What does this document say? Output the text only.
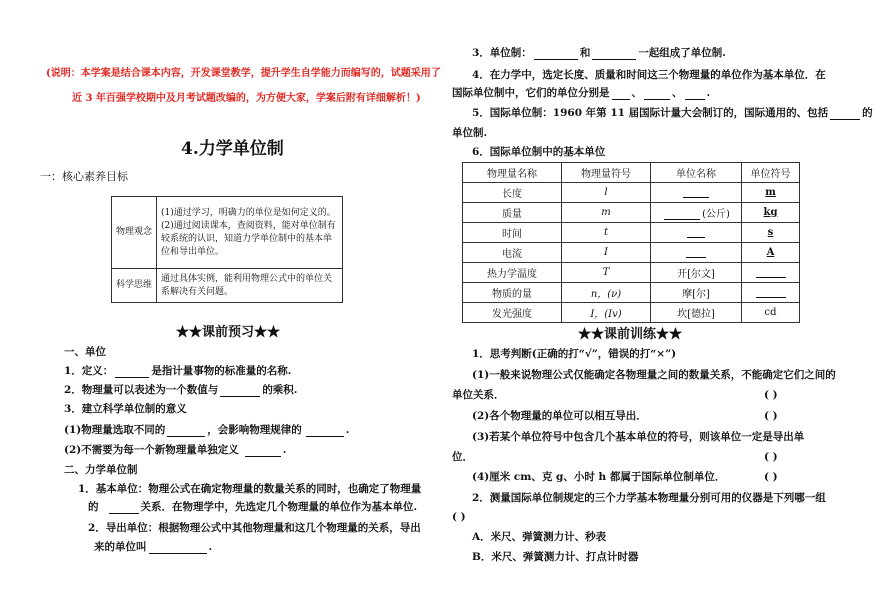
(说明：本学案是结合课本内容，开发课堂教学，提升学生自学能力而编写的，试题采用了
近 3 年百强学校期中及月考试题改编的，为方便大家，学案后附有详细解析！)
4.力学单位制
一：核心素养目标
物理观念	(1)通过学习，明确力的单位是如何定义的。(2)通过阅读课本，查阅资料，能对单位制有较系统的认识，知道力学单位制中的基本单位和导出单位。
科学思维	通过具体实例，能利用物理公式中的单位关系解决有关问题。
★★课前预习★★
一、单位
1．定义：	是指计量事物的标准量的名称.
2．物理量可以表述为一个数值与	的乘积.
3．建立科学单位制的意义
(1)物理量选取不同的	，会影响物理规律的	.
(2)不需要为每一个新物理量单独定义	.
二、力学单位制
1．基本单位：物理公式在确定物理量的数量关系的同时，也确定了物理量
的	关系．在物理学中，先选定几个物理量的单位作为基本单位.
2．导出单位：根据物理公式中其他物理量和这几个物理量的关系，导出
来的单位叫	.
3．单位制：	和	一起组成了单位制.
4．在力学中，选定长度、质量和时间这三个物理量的单位作为基本单位．在
国际单位制中，它们的单位分别是 、	、 .
5．国际单位制：1960 年第 11 届国际计量大会制订的，国际通用的、包括	的
单位制.
6．国际单位制中的基本单位
物理量名称	物理量符号	单位名称	单位符号
长度	l		m
质量	m	(公斤)	kg
时间	t		s
电流	I		A
热力学温度	T	开[尔文]	
物质的量	n，(ν)	摩[尔]	
发光强度	I，(Iv)	坎[德拉]	cd
★★课前训练★★
1．思考判断(正确的打“√”，错误的打“×”)
(1)一般来说物理公式仅能确定各物理量之间的数量关系，不能确定它们之间的
单位关系．	( )
(2)各个物理量的单位可以相互导出．	( )
(3)若某个单位符号中包含几个基本单位的符号，则该单位一定是导出单
位．	( )
(4)厘米 cm、克 g、小时 h 都属于国际单位制单位．	( )
2．测量国际单位制规定的三个力学基本物理量分别可用的仪器是下列哪一组
( )
A．米尺、弹簧测力计、秒表
B．米尺、弹簧测力计、打点计时器
